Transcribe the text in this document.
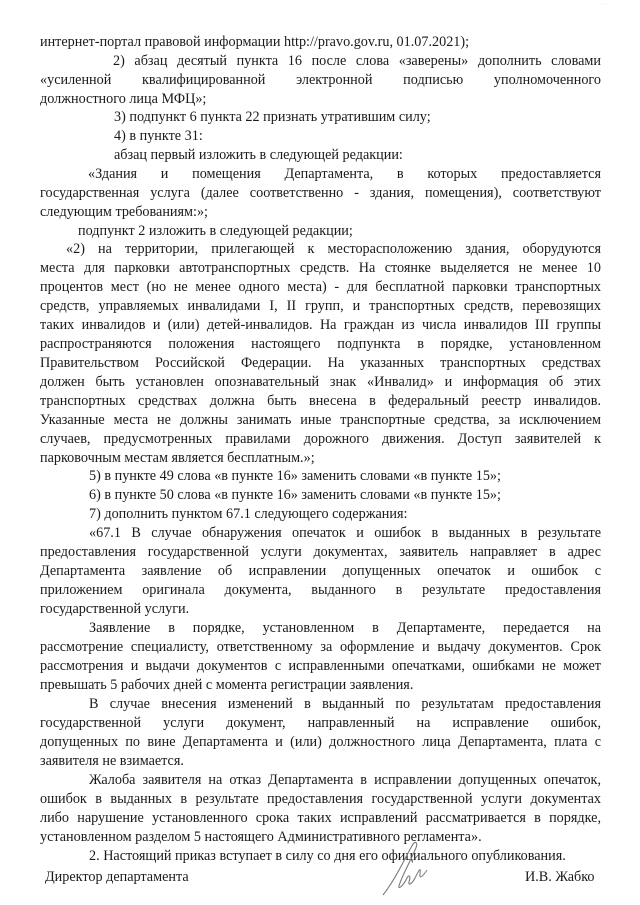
· · ·
интернет-портал правовой информации http://pravo.gov.ru, 01.07.2021);
2) абзац десятый пункта 16 после слова «заверены» дополнить словами
«усиленной квалифицированной электронной подписью уполномоченного
должностного лица МФЦ»;
3) подпункт 6 пункта 22 признать утратившим силу;
4) в пункте 31:
абзац первый изложить в следующей редакции:
«Здания и помещения Департамента, в которых предоставляется
государственная услуга (далее соответственно - здания, помещения), соответствуют
следующим требованиям:»;
подпункт 2 изложить в следующей редакции;
«2) на территории, прилегающей к месторасположению здания, оборудуются
места для парковки автотранспортных средств. На стоянке выделяется не менее 10
процентов мест (но не менее одного места) - для бесплатной парковки транспортных
средств, управляемых инвалидами I, II групп, и транспортных средств, перевозящих
таких инвалидов и (или) детей-инвалидов. На граждан из числа инвалидов III группы
распространяются положения настоящего подпункта в порядке, установленном
Правительством Российской Федерации. На указанных транспортных средствах
должен быть установлен опознавательный знак «Инвалид» и информация об этих
транспортных средствах должна быть внесена в федеральный реестр инвалидов.
Указанные места не должны занимать иные транспортные средства, за исключением
случаев, предусмотренных правилами дорожного движения. Доступ заявителей к
парковочным местам является бесплатным.»;
5) в пункте 49 слова «в пункте 16» заменить словами «в пункте 15»;
6) в пункте 50 слова «в пункте 16» заменить словами «в пункте 15»;
7) дополнить пунктом 67.1 следующего содержания:
«67.1 В случае обнаружения опечаток и ошибок в выданных в результате
предоставления государственной услуги документах, заявитель направляет в адрес
Департамента заявление об исправлении допущенных опечаток и ошибок с
приложением оригинала документа, выданного в результате предоставления
государственной услуги.
Заявление в порядке, установленном в Департаменте, передается на
рассмотрение специалисту, ответственному за оформление и выдачу документов. Срок
рассмотрения и выдачи документов с исправленными опечатками, ошибками не может
превышать 5 рабочих дней с момента регистрации заявления.
В случае внесения изменений в выданный по результатам предоставления
государственной услуги документ, направленный на исправление ошибок,
допущенных по вине Департамента и (или) должностного лица Департамента, плата с
заявителя не взимается.
Жалоба заявителя на отказ Департамента в исправлении допущенных опечаток,
ошибок в выданных в результате предоставления государственной услуги документах
либо нарушение установленного срока таких исправлений рассматривается в порядке,
установленном разделом 5 настоящего Административного регламента».
2. Настоящий приказ вступает в силу со дня его официального опубликования.
Директор департамента	И.В. Жабко
